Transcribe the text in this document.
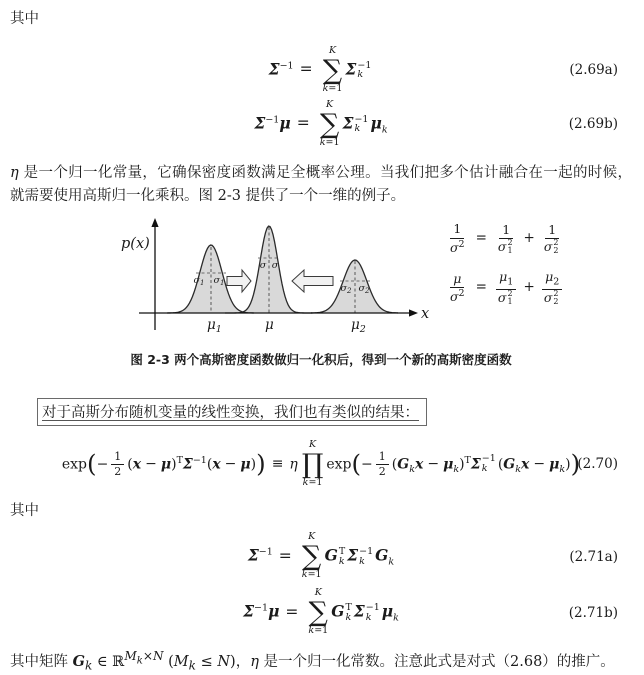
其中

$\Sigma^{-1}$ =
K
∑
k=1
Σ −1
k	(2.69a)
$\Sigma^{-1}\mu$ =
K
∑
k=1
Σ −1
k $\mu_k$	(2.69b)

η 是一个归一化常量，它确保密度函数满足全概率公理。当我们把多个估计融合在一起的时候，就需要使用高斯归一化乘积。图 2-3 提供了一个一维的例子。

p(x)
x
$\sigma_1$ $\sigma_1$
σ σ
$\sigma_2$ $\sigma_2$
$\mu_1$	μ	$\mu_2$
$\frac{1}{\sigma^2} = 1$
σ 2
1 + 1
σ 2
2
$\frac{\mu}{\sigma^2} = \mu_1$
σ 2
$1 + \mu_2$
σ 2
2

图 2-3 两个高斯密度函数做归一化积后，得到一个新的高斯密度函数

对于高斯分布随机变量的线性变换，我们也有类似的结果：
$\exp(- \frac{1}{2} (x - \mu)^T\Sigma^{-1}(x - \mu)) \equiv \eta$
K
∏
k=1
$\exp(- \frac{1}{2} (G_kx - \mu_k)^T\Sigma -1$
k $(G_kx - \mu_k)$)
(2.70)

其中

$\Sigma^{-1}$ =
K
∑
k=1
G T
k Σ −1
k $G_k$	(2.71a)
$\Sigma^{-1}\mu$ =
K
∑
k=1
G T
k Σ −1
k $\mu_k$	(2.71b)

其中矩阵 $G_k$ ∈ ℝ$^{M_k\times N}$ $(M_k \le N)$，η 是一个归一化常数。注意此式是对式（2.68）的推广。
